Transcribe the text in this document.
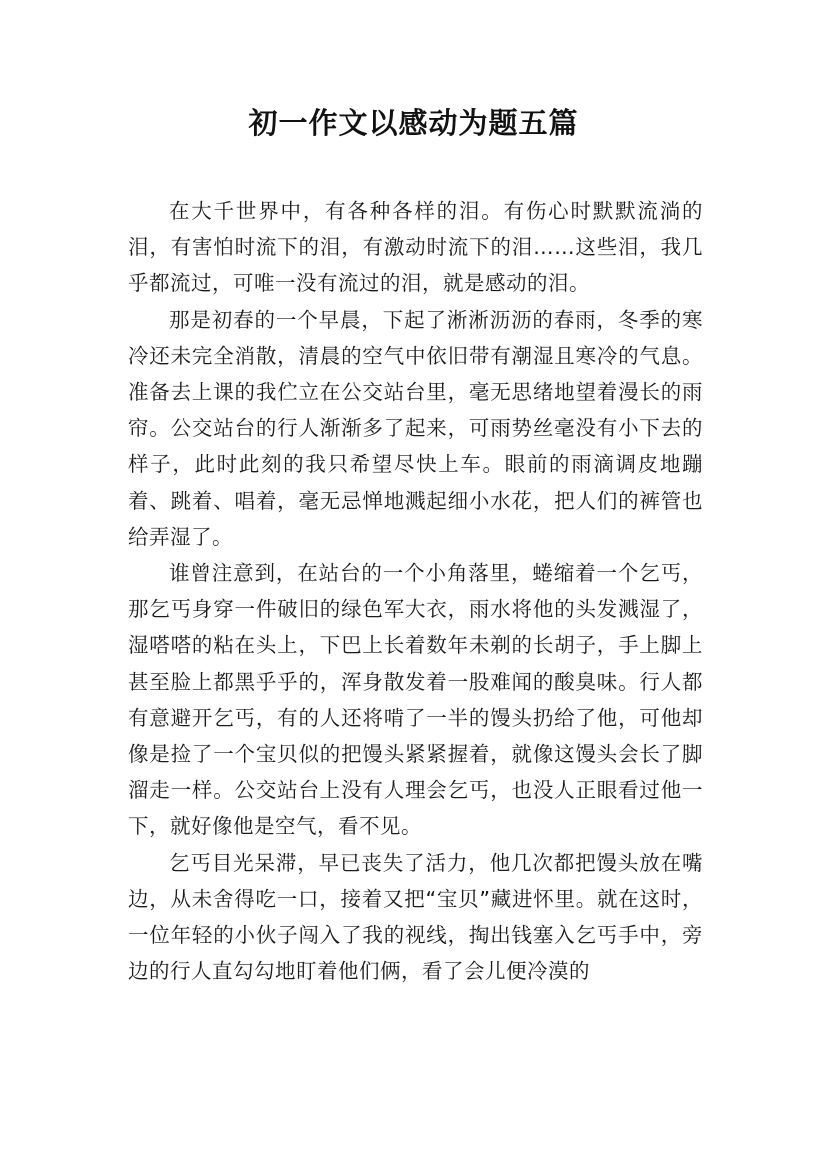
初一作文以感动为题五篇

在大千世界中，有各种各样的泪。有伤心时默默流淌的泪，有害怕时流下的泪，有激动时流下的泪……这些泪，我几乎都流过，可唯一没有流过的泪，就是感动的泪。

那是初春的一个早晨，下起了淅淅沥沥的春雨，冬季的寒冷还未完全消散，清晨的空气中依旧带有潮湿且寒冷的气息。准备去上课的我伫立在公交站台里，毫无思绪地望着漫长的雨帘。公交站台的行人渐渐多了起来，可雨势丝毫没有小下去的样子，此时此刻的我只希望尽快上车。眼前的雨滴调皮地蹦着、跳着、唱着，毫无忌惮地溅起细小水花，把人们的裤管也给弄湿了。

谁曾注意到，在站台的一个小角落里，蜷缩着一个乞丐，那乞丐身穿一件破旧的绿色军大衣，雨水将他的头发溅湿了，湿嗒嗒的粘在头上，下巴上长着数年未剃的长胡子，手上脚上甚至脸上都黑乎乎的，浑身散发着一股难闻的酸臭味。行人都有意避开乞丐，有的人还将啃了一半的馒头扔给了他，可他却像是捡了一个宝贝似的把馒头紧紧握着，就像这馒头会长了脚溜走一样。公交站台上没有人理会乞丐，也没人正眼看过他一下，就好像他是空气，看不见。

乞丐目光呆滞，早已丧失了活力，他几次都把馒头放在嘴边，从未舍得吃一口，接着又把“宝贝”藏进怀里。就在这时，一位年轻的小伙子闯入了我的视线，掏出钱塞入乞丐手中，旁边的行人直勾勾地盯着他们俩，看了会儿便冷漠的
